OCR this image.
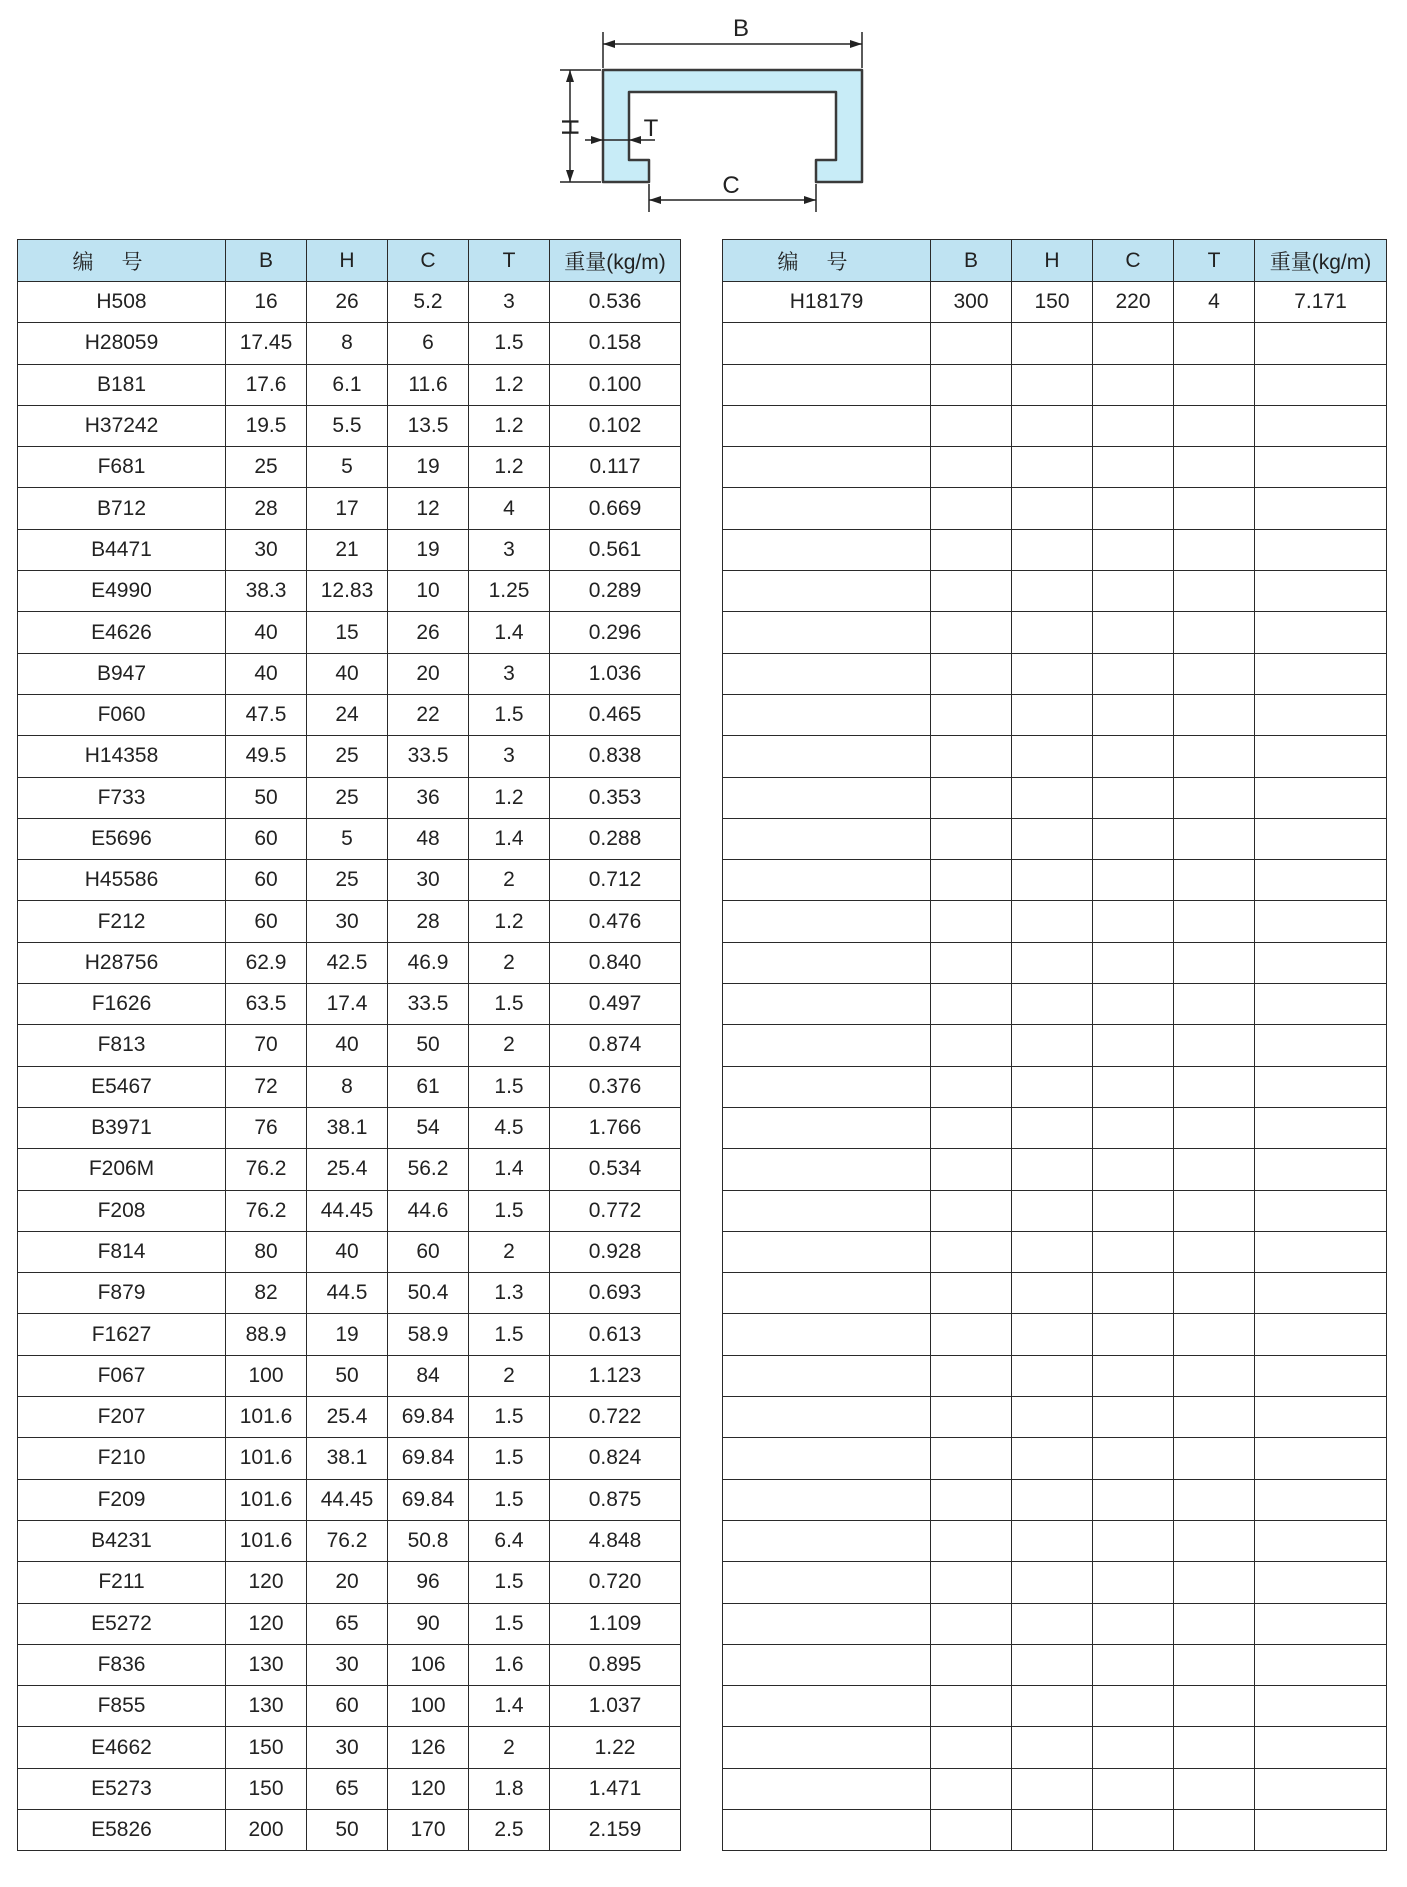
B
H	T
C
编号	B	H	C	T	重量(kg/m)
H508	16	26	5.2	3	0.536
H28059	17.45	8	6	1.5	0.158
B181	17.6	6.1	11.6	1.2	0.100
H37242	19.5	5.5	13.5	1.2	0.102
F681	25	5	19	1.2	0.117
B712	28	17	12	4	0.669
B4471	30	21	19	3	0.561
E4990	38.3	12.83	10	1.25	0.289
E4626	40	15	26	1.4	0.296
B947	40	40	20	3	1.036
F060	47.5	24	22	1.5	0.465
H14358	49.5	25	33.5	3	0.838
F733	50	25	36	1.2	0.353
E5696	60	5	48	1.4	0.288
H45586	60	25	30	2	0.712
F212	60	30	28	1.2	0.476
H28756	62.9	42.5	46.9	2	0.840
F1626	63.5	17.4	33.5	1.5	0.497
F813	70	40	50	2	0.874
E5467	72	8	61	1.5	0.376
B3971	76	38.1	54	4.5	1.766
F206M	76.2	25.4	56.2	1.4	0.534
F208	76.2	44.45	44.6	1.5	0.772
F814	80	40	60	2	0.928
F879	82	44.5	50.4	1.3	0.693
F1627	88.9	19	58.9	1.5	0.613
F067	100	50	84	2	1.123
F207	101.6	25.4	69.84	1.5	0.722
F210	101.6	38.1	69.84	1.5	0.824
F209	101.6	44.45	69.84	1.5	0.875
B4231	101.6	76.2	50.8	6.4	4.848
F211	120	20	96	1.5	0.720
E5272	120	65	90	1.5	1.109
F836	130	30	106	1.6	0.895
F855	130	60	100	1.4	1.037
E4662	150	30	126	2	1.22
E5273	150	65	120	1.8	1.471
E5826	200	50	170	2.5	2.159
编号	B	H	C	T	重量(kg/m)
H18179	300	150	220	4	7.171
